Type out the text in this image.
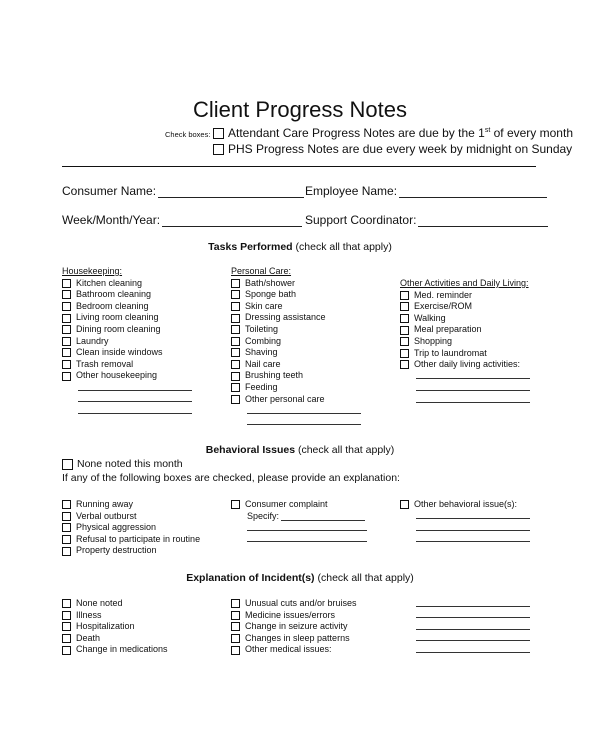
Client Progress Notes
Check boxes: Attendant Care Progress Notes are due by the 1st of every month
PHS Progress Notes are due every week by midnight on Sunday
Consumer Name:	Employee Name:
Week/Month/Year:	Support Coordinator:
Tasks Performed (check all that apply)
Housekeeping:
Kitchen cleaning
Bathroom cleaning
Bedroom cleaning
Living room cleaning
Dining room cleaning
Laundry
Clean inside windows
Trash removal
Other housekeeping
Personal Care:
Bath/shower
Sponge bath
Skin care
Dressing assistance
Toileting
Combing
Shaving
Nail care
Brushing teeth
Feeding
Other personal care
Other Activities and Daily Living:
Med. reminder
Exercise/ROM
Walking
Meal preparation
Shopping
Trip to laundromat
Other daily living activities:
Behavioral Issues (check all that apply)
None noted this month
If any of the following boxes are checked, please provide an explanation:
Running away
Verbal outburst
Physical aggression
Refusal to participate in routine
Property destruction
Consumer complaint
Specify:
Other behavioral issue(s):
Explanation of Incident(s) (check all that apply)
None noted
Illness
Hospitalization
Death
Change in medications
Unusual cuts and/or bruises
Medicine issues/errors
Change in seizure activity
Changes in sleep patterns
Other medical issues:
